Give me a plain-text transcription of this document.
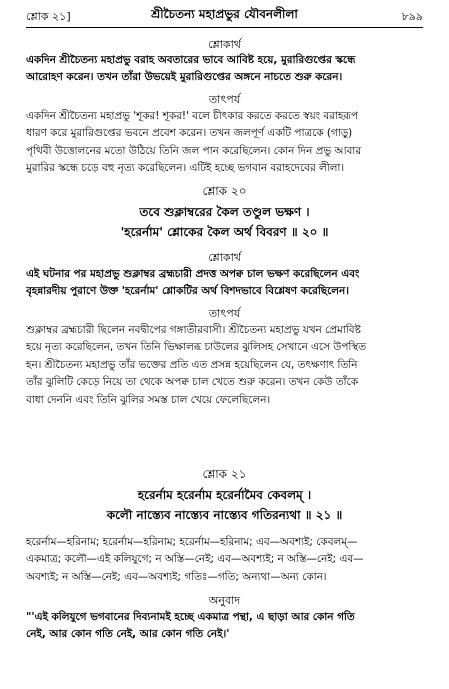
শ্লোক ২১]	শ্রীচৈতন্য মহাপ্রভুর যৌবনলীলা	৮৯৯
শ্লোকার্থ
একদিন শ্রীচৈতন্য মহাপ্রভু বরাহ অবতারের ভাবে আবিষ্ট হয়ে, মুরারিগুপ্তের স্কন্ধে
আরোহণ করেন। তখন তাঁরা উভয়েই মুরারিগুপ্তের অঙ্গনে নাচতে শুরু করেন।
তাৎপর্য
একদিন শ্রীচৈতন্য মহাপ্রভু 'শূকর! শূকর!' বলে চীৎকার করতে করতে স্বয়ং বরাহরূপ
ধারণ করে মুরারিগুপ্তের ভবনে প্রবেশ করেন। তখন জলপূর্ণ একটি পাত্রকে (গাড়ু)
পৃথিবী উত্তোলনের মতো উঠিয়ে তিনি জল পান করেছিলেন। কোন দিন প্রভু আবার
মুরারির স্কন্ধে চড়ে বহু নৃত্য করেছিলেন। এটিই হচ্ছে ভগবান বরাহদেবের লীলা।
শ্লোক ২০
তবে শুক্লাম্বরের কৈল তণ্ডুল ভক্ষণ ।
'হরের্নাম' শ্লোকের কৈল অর্থ বিবরণ ॥ ২০ ॥
শ্লোকার্থ
এই ঘটনার পর মহাপ্রভু শুক্লাম্বর ব্রহ্মচারী প্রদত্ত অপক্ব চাল ভক্ষণ করেছিলেন এবং
বৃহন্নারদীয় পুরাণে উক্ত 'হরের্নাম' শ্লোকটির অর্থ বিশদভাবে বিশ্লেষণ করেছিলেন।
তাৎপর্য
শুক্লাম্বর ব্রহ্মচারী ছিলেন নবদ্বীপের গঙ্গাতীরবাসী। শ্রীচৈতন্য মহাপ্রভু যখন প্রেমাবিষ্ট
হয়ে নৃত্য করেছিলেন, তখন তিনি ভিক্ষালব্ধ চাউলের ঝুলিসহ সেখানে এসে উপস্থিত
হন। শ্রীচৈতন্য মহাপ্রভু তাঁর ভক্তের প্রতি এত প্রসন্ন হয়েছিলেন যে, তৎক্ষণাৎ তিনি
তাঁর ঝুলিটি কেড়ে নিয়ে তা থেকে অপক্ব চাল খেতে শুরু করেন। তখন কেউ তাঁকে
বাধা দেননি এবং তিনি ঝুলির সমস্ত চাল খেয়ে ফেলেছিলেন।
শ্লোক ২১
হরের্নাম হরের্নাম হরের্নামৈব কেবলম্ ।
কলৌ নাস্ত্যেব নাস্ত্যেব নাস্ত্যেব গতিরন্যথা ॥ ২১ ॥
হরের্নাম—হরিনাম; হরের্নাম—হরিনাম; হরের্নাম—হরিনাম; এব—অবশ্যই; কেবলম্—
একমাত্র; কলৌ—এই কলিযুগে; ন অস্তি—নেই; এব—অবশ্যই; ন অস্তি—নেই; এব—
অবশ্যই; ন অস্তি—নেই; এব—অবশ্যই; গতিঃ—গতি; অন্যথা—অন্য কোন।
অনুবাদ
"'এই কলিযুগে ভগবানের দিব্যনামই হচ্ছে একমাত্র পন্থা, এ ছাড়া আর কোন গতি
নেই, আর কোন গতি নেই, আর কোন গতি নেই।'
